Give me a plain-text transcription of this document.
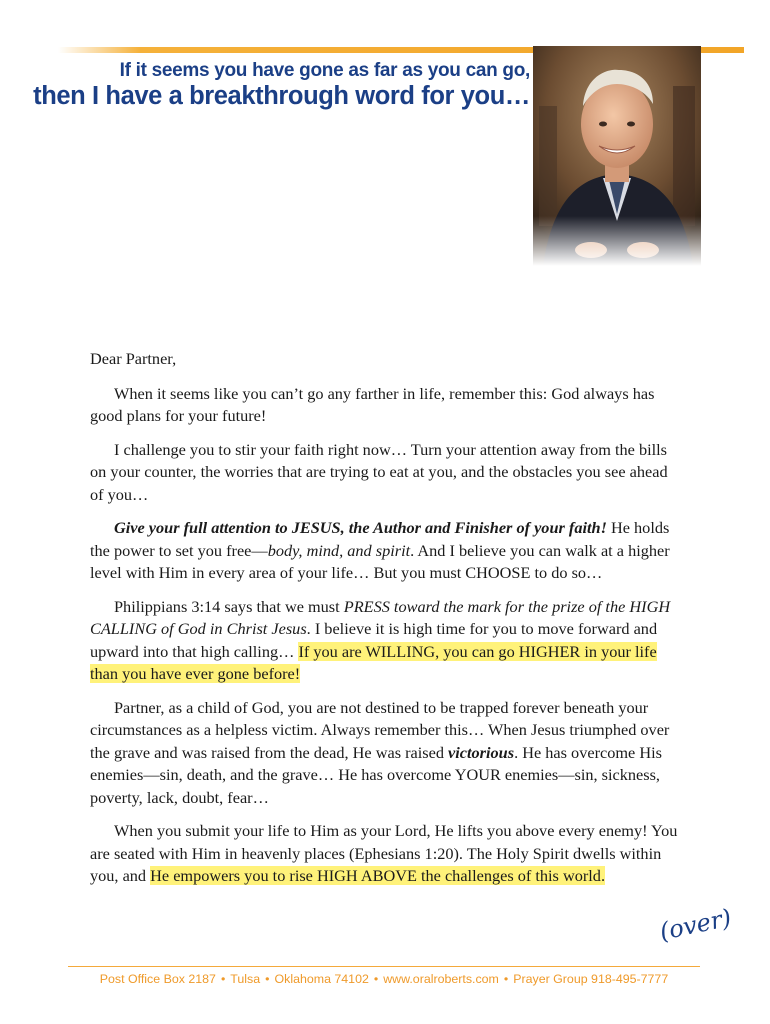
If it seems you have gone as far as you can go,
then I have a breakthrough word for you…

Dear Partner,

When it seems like you can’t go any farther in life, remember this: God always has good plans for your future!

I challenge you to stir your faith right now… Turn your attention away from the bills on your counter, the worries that are trying to eat at you, and the obstacles you see ahead of you…

Give your full attention to JESUS, the Author and Finisher of your faith! He holds the power to set you free—body, mind, and spirit. And I believe you can walk at a higher level with Him in every area of your life… But you must CHOOSE to do so…

Philippians 3:14 says that we must PRESS toward the mark for the prize of the HIGH CALLING of God in Christ Jesus. I believe it is high time for you to move forward and upward into that high calling… If you are WILLING, you can go HIGHER in your life than you have ever gone before!

Partner, as a child of God, you are not destined to be trapped forever beneath your circumstances as a helpless victim. Always remember this… When Jesus triumphed over the grave and was raised from the dead, He was raised victorious. He has overcome His enemies—sin, death, and the grave… He has overcome YOUR enemies—sin, sickness, poverty, lack, doubt, fear…

When you submit your life to Him as your Lord, He lifts you above every enemy! You are seated with Him in heavenly places (Ephesians 1:20). The Holy Spirit dwells within you, and He empowers you to rise HIGH ABOVE the challenges of this world.

(over)

Post Office Box 2187 • Tulsa • Oklahoma 74102 • www.oralroberts.com • Prayer Group 918-495-7777
